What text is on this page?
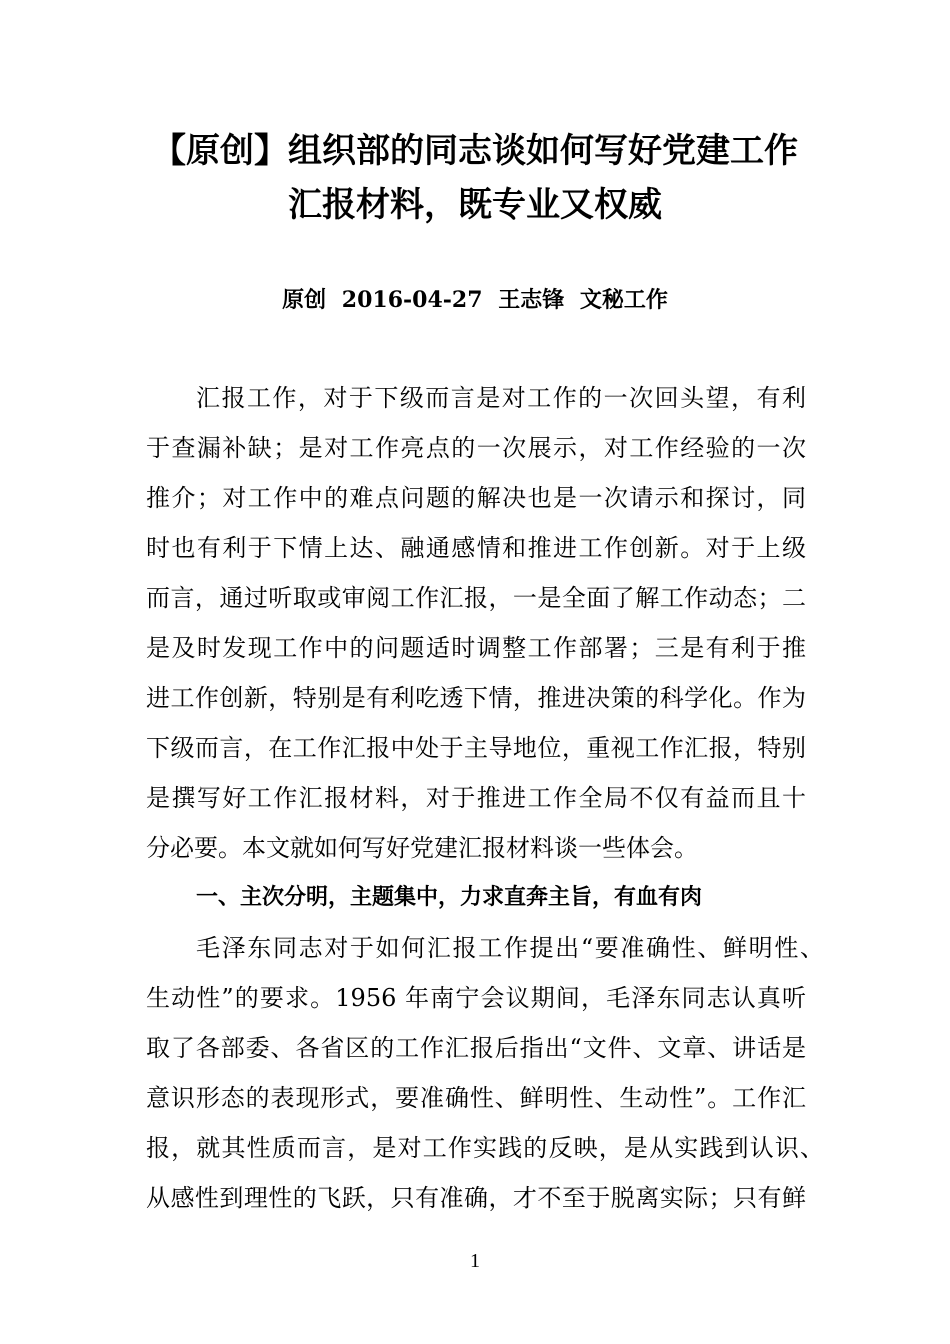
【原创】组织部的同志谈如何写好党建工作
汇报材料，既专业又权威
原创 2016-04-27 王志锋 文秘工作
汇报工作，对于下级而言是对工作的一次回头望，有利
于查漏补缺；是对工作亮点的一次展示，对工作经验的一次
推介；对工作中的难点问题的解决也是一次请示和探讨，同
时也有利于下情上达、融通感情和推进工作创新。对于上级
而言，通过听取或审阅工作汇报，一是全面了解工作动态；二
是及时发现工作中的问题适时调整工作部署；三是有利于推
进工作创新，特别是有利吃透下情，推进决策的科学化。作为
下级而言，在工作汇报中处于主导地位，重视工作汇报，特别
是撰写好工作汇报材料，对于推进工作全局不仅有益而且十
分必要。本文就如何写好党建汇报材料谈一些体会。
一、主次分明，主题集中，力求直奔主旨，有血有肉
毛泽东同志对于如何汇报工作提出“要准确性、鲜明性、
生动性”的要求。1956 年南宁会议期间，毛泽东同志认真听
取了各部委、各省区的工作汇报后指出“文件、文章、讲话是
意识形态的表现形式，要准确性、鲜明性、生动性”。工作汇
报，就其性质而言，是对工作实践的反映，是从实践到认识、
从感性到理性的飞跃，只有准确，才不至于脱离实际；只有鲜
1
